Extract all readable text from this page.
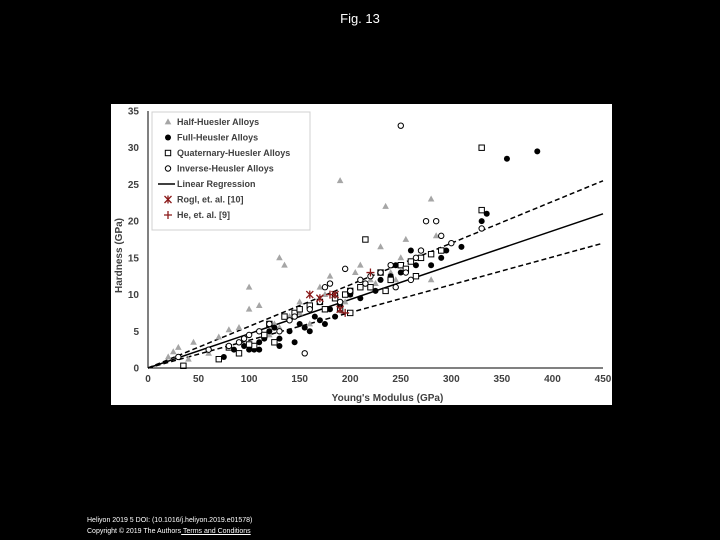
Fig. 13
0	50	100	150	200	250	300	350	400	450
0
5
10
15
20
25
30
35
Young's Modulus (GPa)
Hardness (GPa)
Half-Huesler Alloys
Full-Heusler Alloys
Quaternary-Huesler Alloys
Inverse-Heusler Alloys
Linear Regression
Rogl, et. al. [10]
He, et. al. [9]
Heliyon 2019 5 DOI: (10.1016/j.heliyon.2019.e01578)
Copyright © 2019 The Authors Terms and Conditions
